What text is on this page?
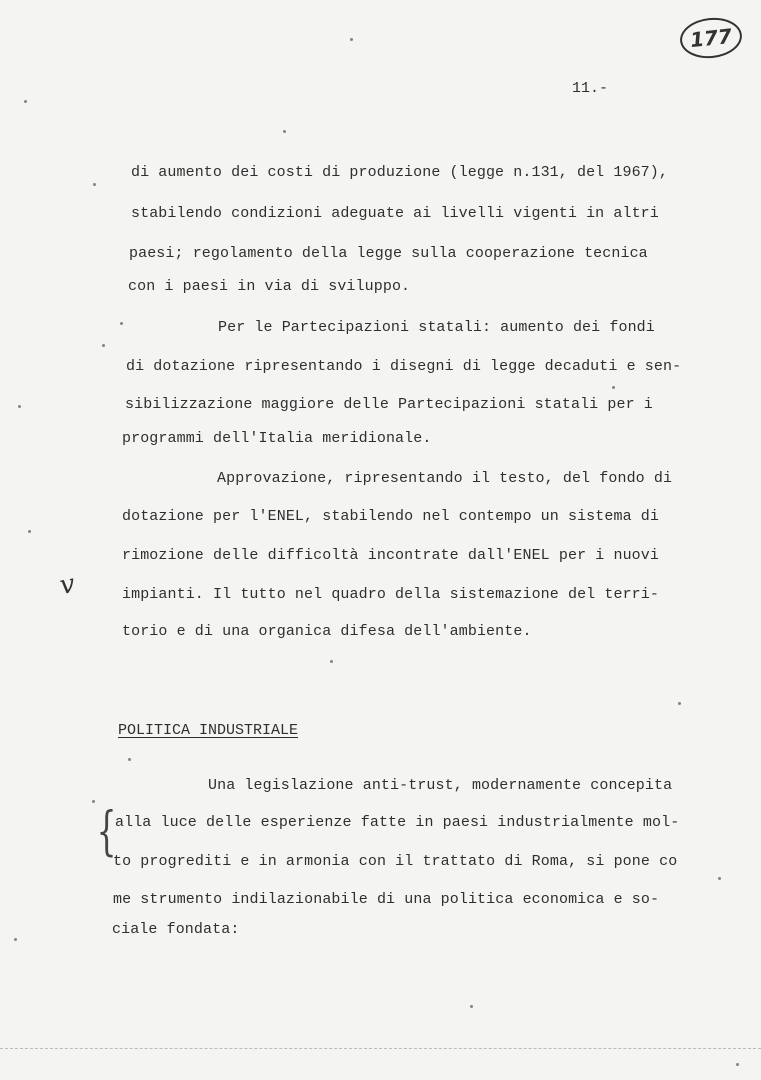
177
11.-
di aumento dei costi di produzione (legge n.131, del 1967),
stabilendo condizioni adeguate ai livelli vigenti in altri
paesi; regolamento della legge sulla cooperazione tecnica
con i paesi in via di sviluppo.
Per le Partecipazioni statali: aumento dei fondi
di dotazione ripresentando i disegni di legge decaduti e sen-
sibilizzazione maggiore delle Partecipazioni statali per i
programmi dell'Italia meridionale.
Approvazione, ripresentando il testo, del fondo di
dotazione per l'ENEL, stabilendo nel contempo un sistema di
rimozione delle difficoltà incontrate dall'ENEL per i nuovi
impianti. Il tutto nel quadro della sistemazione del terri-
torio e di una organica difesa dell'ambiente.
POLITICA INDUSTRIALE
Una legislazione anti-trust, modernamente concepita
alla luce delle esperienze fatte in paesi industrialmente mol-
to progrediti e in armonia con il trattato di Roma, si pone co
me strumento indilazionabile di una politica economica e so-
ciale fondata:
v
{
